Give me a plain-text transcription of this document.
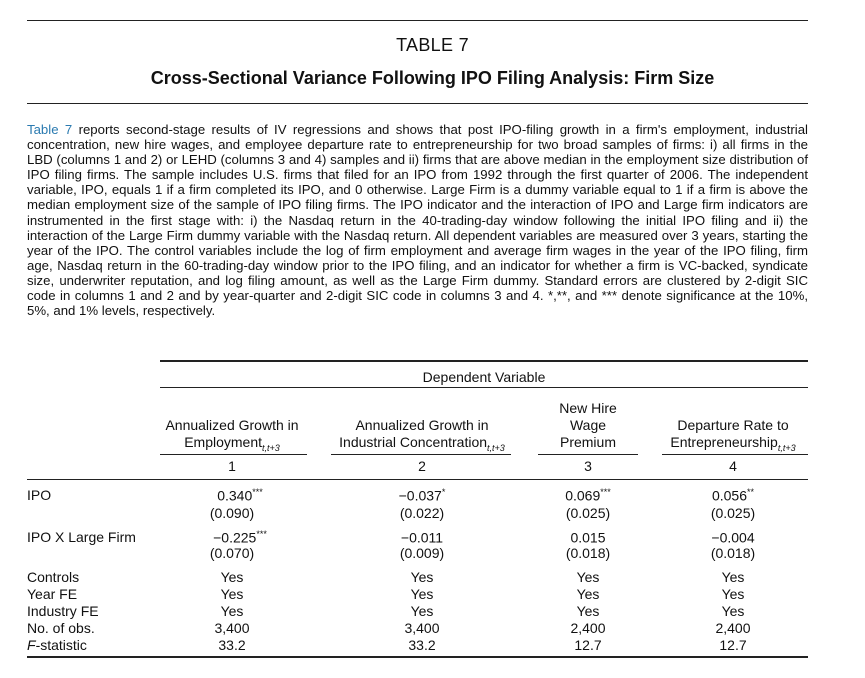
TABLE 7
Cross-Sectional Variance Following IPO Filing Analysis: Firm Size
Table 7 reports second-stage results of IV regressions and shows that post IPO-filing growth in a firm's employment, industrial concentration, new hire wages, and employee departure rate to entrepreneurship for two broad samples of firms: i) all firms in the LBD (columns 1 and 2) or LEHD (columns 3 and 4) samples and ii) firms that are above median in the employment size distribution of IPO filing firms. The sample includes U.S. firms that filed for an IPO from 1992 through the first quarter of 2006. The independent variable, IPO, equals 1 if a firm completed its IPO, and 0 otherwise. Large Firm is a dummy variable equal to 1 if a firm is above the median employment size of the sample of IPO filing firms. The IPO indicator and the interaction of IPO and Large firm indicators are instrumented in the first stage with: i) the Nasdaq return in the 40-trading-day window following the initial IPO filing and ii) the interaction of the Large Firm dummy variable with the Nasdaq return. All dependent variables are measured over 3 years, starting the year of the IPO. The control variables include the log of firm employment and average firm wages in the year of the IPO filing, firm age, Nasdaq return in the 60-trading-day window prior to the IPO filing, and an indicator for whether a firm is VC-backed, syndicate size, underwriter reputation, and log filing amount, as well as the Large Firm dummy. Standard errors are clustered by 2-digit SIC code in columns 1 and 2 and by year-quarter and 2-digit SIC code in columns 3 and 4. *,**, and *** denote significance at the 10%, 5%, and 1% levels, respectively.
Dependent Variable
Annualized Growth in
Employment$_{t,t+3}$
Annualized Growth in
Industrial Concentration$_{t,t+3}$
New Hire
Wage
Premium
Departure Rate to
Entrepreneurship$_{t,t+3}$
1	2	3	4
IPO	0.340***	−0.037*	0.069***	0.056**
(0.090)	(0.022)	(0.025)	(0.025)
IPO X Large Firm	−0.225***	−0.011	0.015	−0.004
(0.070)	(0.009)	(0.018)	(0.018)
Controls	Yes	Yes	Yes	Yes
Year FE	Yes	Yes	Yes	Yes
Industry FE	Yes	Yes	Yes	Yes
No. of obs.	3,400	3,400	2,400	2,400
F-statistic	33.2	33.2	12.7	12.7
